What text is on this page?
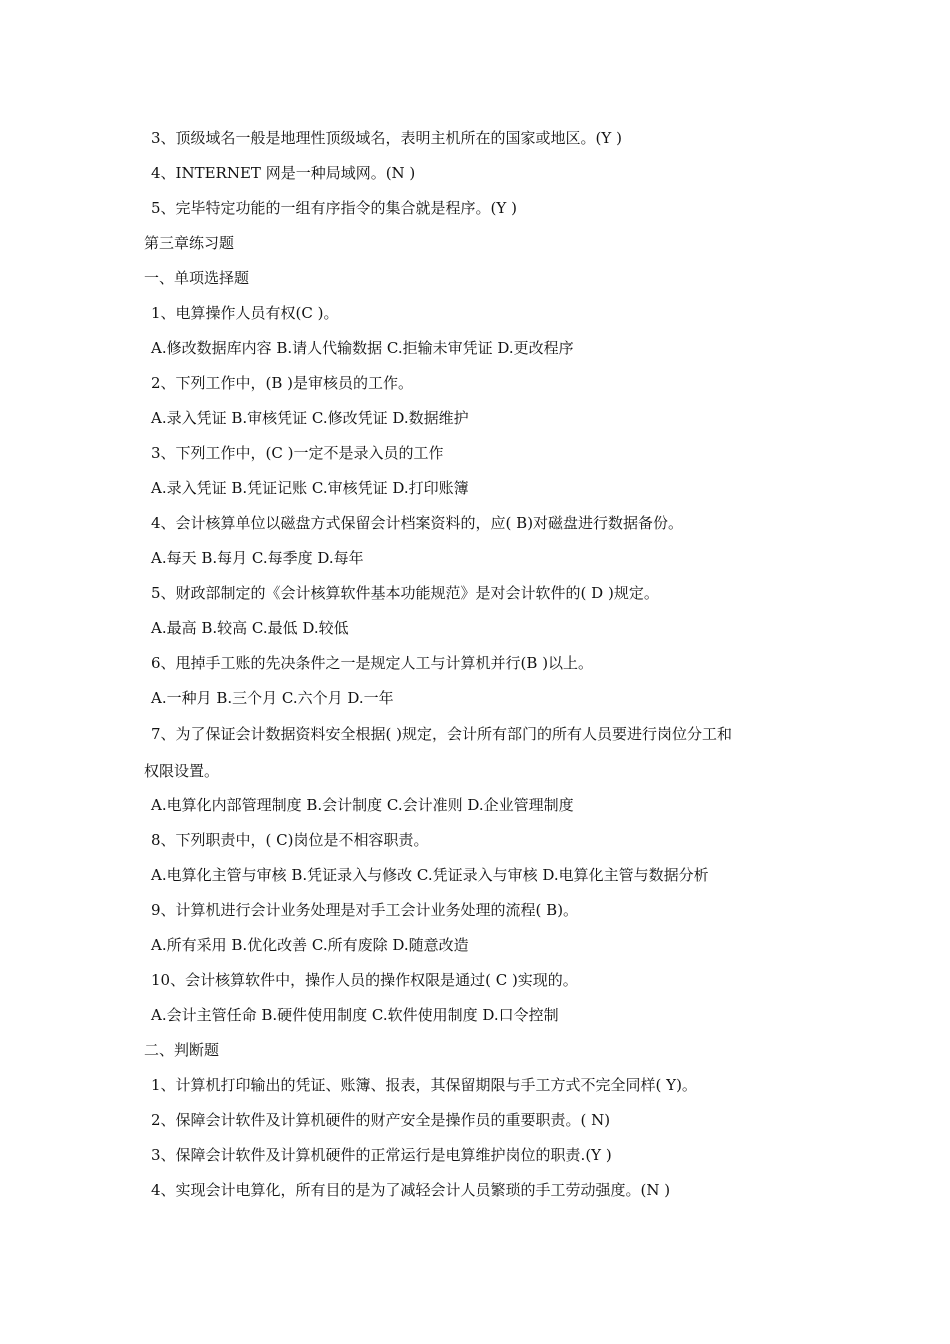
3、顶级域名一般是地理性顶级域名，表明主机所在的国家或地区。(Y )
4、INTERNET 网是一种局域网。(N )
5、完毕特定功能的一组有序指令的集合就是程序。(Y )
第三章练习题
一、单项选择题
1、电算操作人员有权(C )。
A.修改数据库内容 B.请人代输数据 C.拒输未审凭证 D.更改程序
2、下列工作中，(B )是审核员的工作。
A.录入凭证 B.审核凭证 C.修改凭证 D.数据维护
3、下列工作中，(C )一定不是录入员的工作
A.录入凭证 B.凭证记账 C.审核凭证 D.打印账簿
4、会计核算单位以磁盘方式保留会计档案资料的，应( B)对磁盘进行数据备份。
A.每天 B.每月 C.每季度 D.每年
5、财政部制定的《会计核算软件基本功能规范》是对会计软件的( D )规定。
A.最高 B.较高 C.最低 D.较低
6、甩掉手工账的先决条件之一是规定人工与计算机并行(B )以上。
A.一种月 B.三个月 C.六个月 D.一年
7、为了保证会计数据资料安全根据( )规定，会计所有部门的所有人员要进行岗位分工和
权限设置。
A.电算化内部管理制度 B.会计制度 C.会计准则 D.企业管理制度
8、下列职责中，( C)岗位是不相容职责。
A.电算化主管与审核 B.凭证录入与修改 C.凭证录入与审核 D.电算化主管与数据分析
9、计算机进行会计业务处理是对手工会计业务处理的流程( B)。
A.所有采用 B.优化改善 C.所有废除 D.随意改造
10、会计核算软件中，操作人员的操作权限是通过( C )实现的。
A.会计主管任命 B.硬件使用制度 C.软件使用制度 D.口令控制
二、判断题
1、计算机打印输出的凭证、账簿、报表，其保留期限与手工方式不完全同样( Y)。
2、保障会计软件及计算机硬件的财产安全是操作员的重要职责。( N)
3、保障会计软件及计算机硬件的正常运行是电算维护岗位的职责.(Y )
4、实现会计电算化，所有目的是为了减轻会计人员繁琐的手工劳动强度。(N )
